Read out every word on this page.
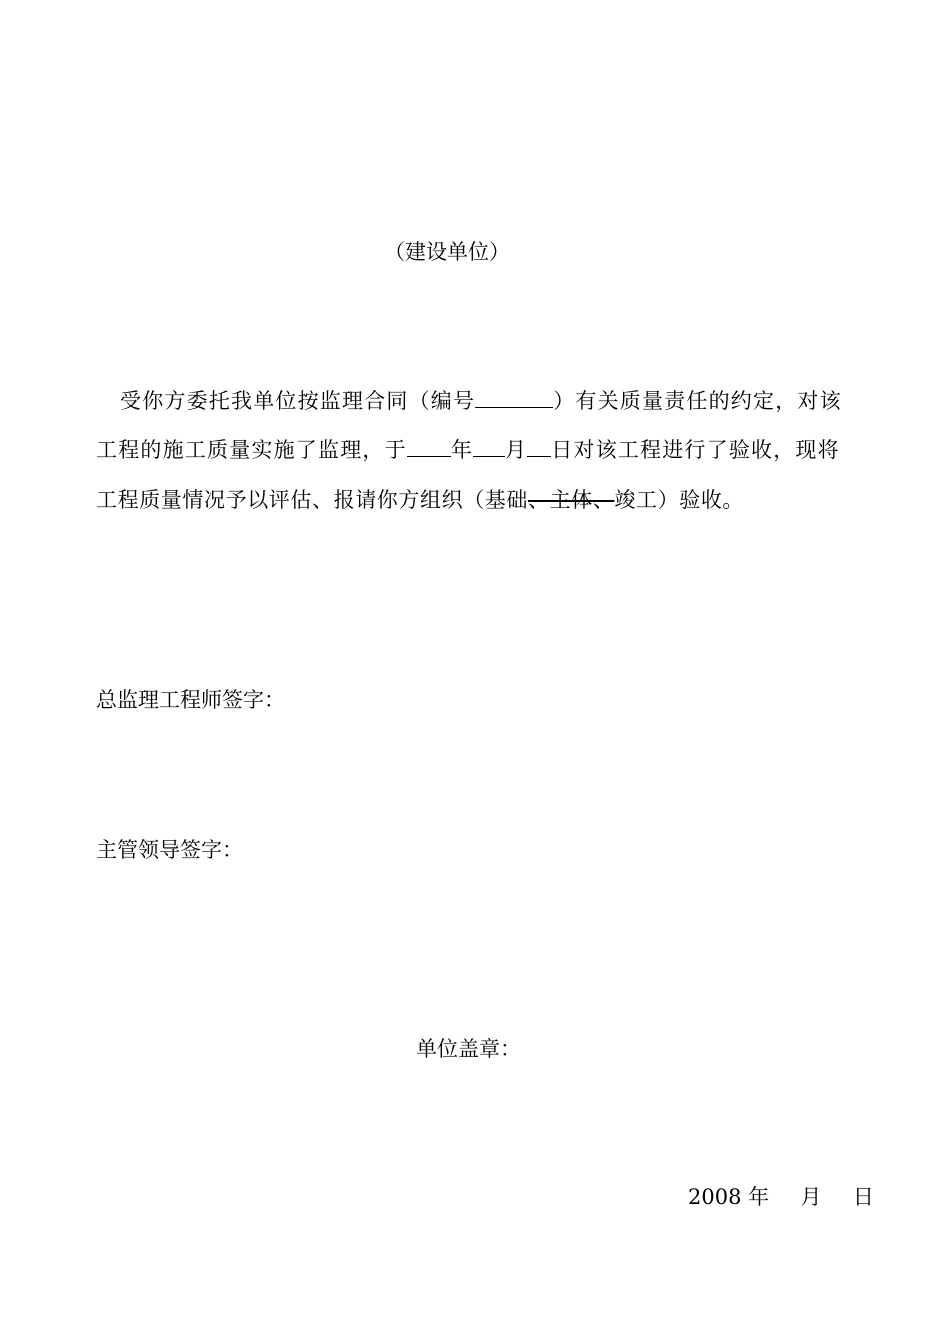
（建设单位）
受你方委托我单位按监理合同（编号	）有关质量责任的约定，对该
工程的施工质量实施了监理，于 年 月 日对该工程进行了验收，现将
工程质量情况予以评估、报请你方组织（基础、主体、竣工）验收。
总监理工程师签字：
主管领导签字：
单位盖章：
2008 年 月 日
